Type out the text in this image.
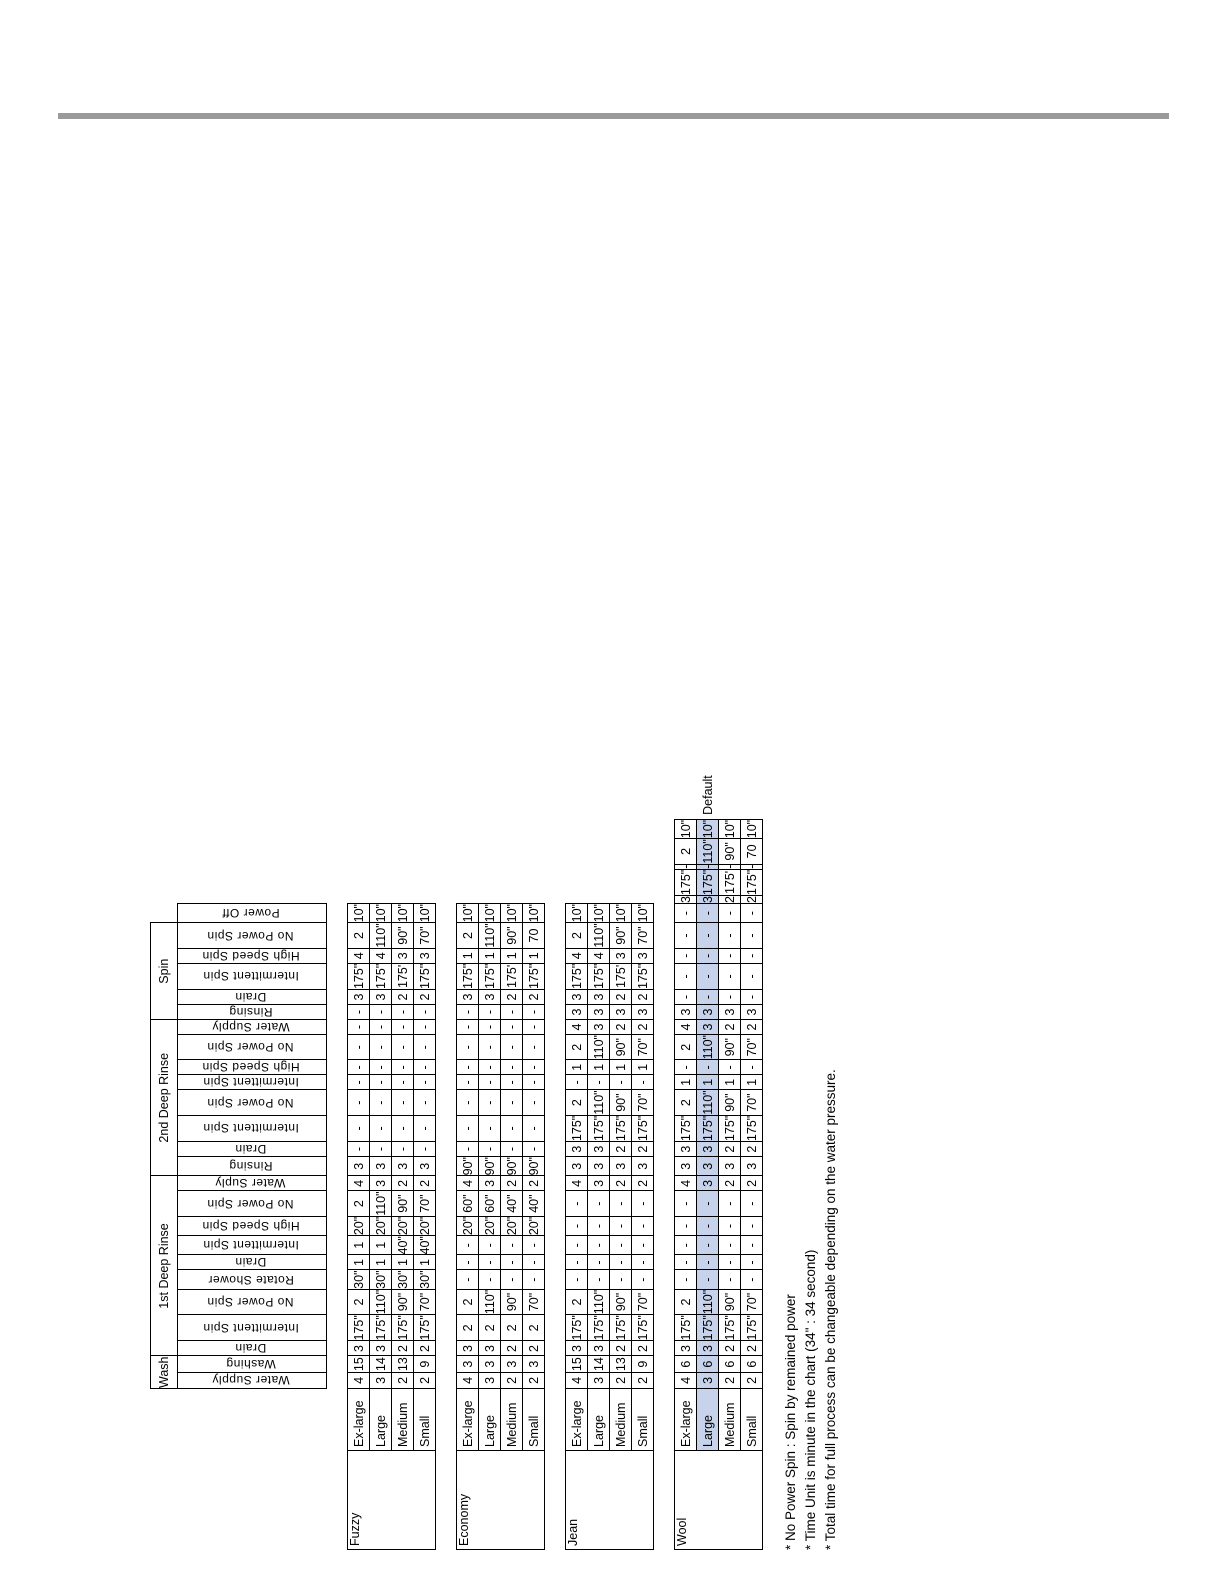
		Wash		1st Deep Rinse									2nd Deep Rinse								Spin											
		Water Supply	Washing	Drain	Intermittent Spin	No Power Spin	Rotate Shower	Drain	Intermittent Spin	High Speed Spin	No Power Spin	Water Suply	Rinsing	Drain	Intermittent Spin	No Power Spin	Intermittent Spin	High Speed Spin	No Power Spin	Water Supply	Rinsing	Drain	Intermittent Spin	High Speed Spin	No Power Spin	Power Off						

Fuzzy	Ex-large	4	15	3	175"	2	30"	1	1	20"	2	4	3	-	-	-	-	-	-	-	-	3	175"	4	2	10"						
	Large	3	14	3	175"	110"	30"	1	1	20"	110"	3	3	-	-	-	-	-	-	-	-	3	175"	4	110"	10"						
	Medium	2	13	2	175"	90"	30"	1	40"	20"	90"	2	3	-	-	-	-	-	-	-	-	2	175'	3	90"	10"						
	Small	2	9	2	175"	70"	30"	1	40"	20"	70"	2	3	-	-	-	-	-	-	-	-	2	175"	3	70"	10"						

Economy	Ex-large	4	3	3	2	2	-	-	-	20"	60"	4	90"	-	-	-	-	-	-	-	-	3	175"	1	2	10"						
	Large	3	3	3	2	110"	-	-	-	20"	60"	3	90"	-	-	-	-	-	-	-	-	3	175"	1	110"	10"						
	Medium	2	3	2	2	90"	-	-	-	20"	40"	2	90"	-	-	-	-	-	-	-	-	2	175'	1	90"	10"						
	Small	2	3	2	2	70"	-	-	-	20"	40"	2	90"	-	-	-	-	-	-	-	-	2	175"	1	70	10"						

Jean	Ex-large	4	15	3	175"	2	-	-	-	-	-	4	3	3	175"	2	-	1	2	4	3	3	175"	4	2	10"						
	Large	3	14	3	175"	110"	-	-	-	-	-	3	3	3	175"	110"	-	1	110"	3	3	3	175"	4	110"	10"						
	Medium	2	13	2	175"	90"	-	-	-	-	-	2	3	2	175"	90"	-	1	90"	2	3	2	175'	3	90"	10"						
	Small	2	9	2	175"	70"	-	-	-	-	-	2	3	2	175"	70"	-	1	70"	2	3	2	175"	3	70"	10"						

Wool	Ex-large	4	6	3	175"	2	-	-	-	-	-	4	3	3	175"	2	1	-	2	4	3	-	-	-	-	-	3	175"	-	2	10"	
	Large	3	6	3	175"	110"	-	-	-	-	-	3	3	3	175"	110"	1	-	110"	3	3	-	-	-	-	-	3	175"	-	110"	10"	Default
	Medium	2	6	2	175"	90"	-	-	-	-	-	2	3	2	175"	90"	1	-	90"	2	3	-	-	-	-	-	2	175'	-	90"	10"	
	Small	2	6	2	175"	70"	-	-	-	-	-	2	3	2	175"	70"	1	-	70"	2	3	-	-	-	-	-	2	175"	-	70	10"	
* No Power Spin : Spin by remained power * Time Unit is minute in the chart (34" : 34 second) * Total time for full process can be changeable depending on the water pressure.
